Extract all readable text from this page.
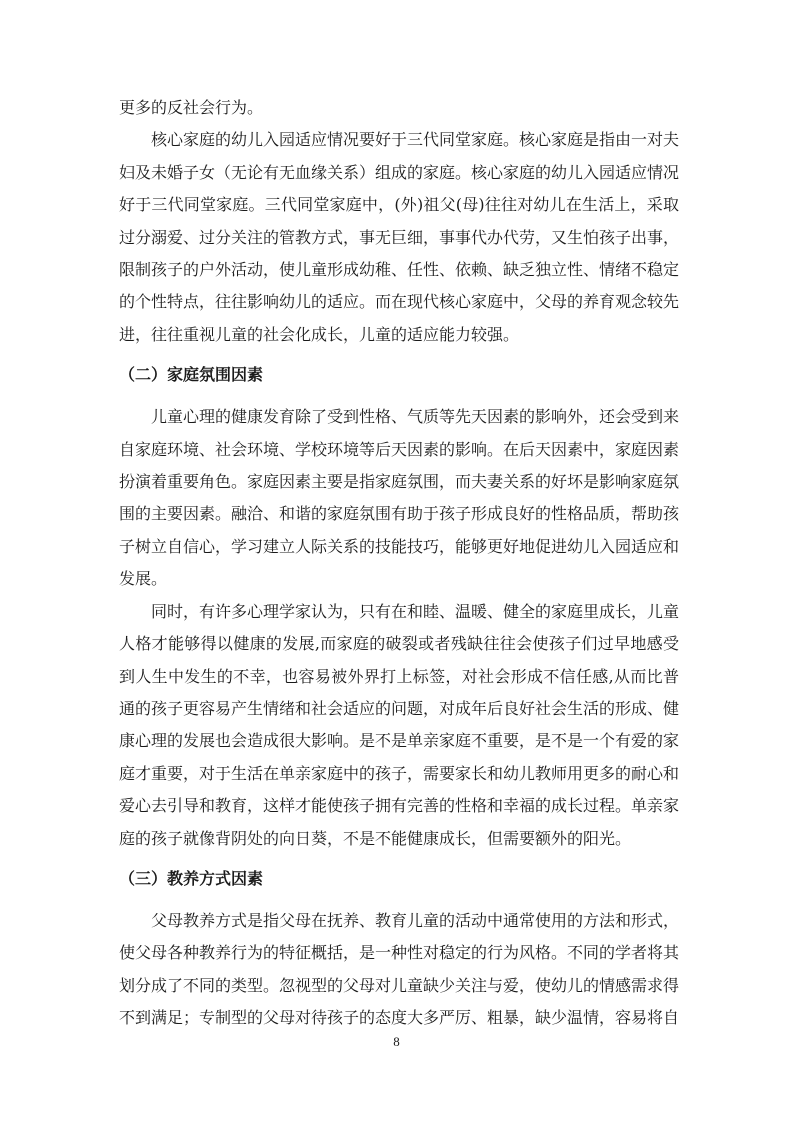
更多的反社会行为。

核心家庭的幼儿入园适应情况要好于三代同堂家庭。核心家庭是指由一对夫妇及未婚子女（无论有无血缘关系）组成的家庭。核心家庭的幼儿入园适应情况好于三代同堂家庭。三代同堂家庭中，(外)祖父(母)往往对幼儿在生活上，采取过分溺爱、过分关注的管教方式，事无巨细，事事代办代劳，又生怕孩子出事，限制孩子的户外活动，使儿童形成幼稚、任性、依赖、缺乏独立性、情绪不稳定的个性特点，往往影响幼儿的适应。而在现代核心家庭中，父母的养育观念较先进，往往重视儿童的社会化成长，儿童的适应能力较强。

（二）家庭氛围因素

儿童心理的健康发育除了受到性格、气质等先天因素的影响外，还会受到来自家庭环境、社会环境、学校环境等后天因素的影响。在后天因素中，家庭因素扮演着重要角色。家庭因素主要是指家庭氛围，而夫妻关系的好坏是影响家庭氛围的主要因素。融洽、和谐的家庭氛围有助于孩子形成良好的性格品质，帮助孩子树立自信心，学习建立人际关系的技能技巧，能够更好地促进幼儿入园适应和发展。

同时，有许多心理学家认为，只有在和睦、温暖、健全的家庭里成长，儿童人格才能够得以健康的发展,而家庭的破裂或者残缺往往会使孩子们过早地感受到人生中发生的不幸，也容易被外界打上标签，对社会形成不信任感,从而比普通的孩子更容易产生情绪和社会适应的问题，对成年后良好社会生活的形成、健康心理的发展也会造成很大影响。是不是单亲家庭不重要，是不是一个有爱的家庭才重要，对于生活在单亲家庭中的孩子，需要家长和幼儿教师用更多的耐心和爱心去引导和教育，这样才能使孩子拥有完善的性格和幸福的成长过程。单亲家庭的孩子就像背阴处的向日葵，不是不能健康成长，但需要额外的阳光。

（三）教养方式因素

父母教养方式是指父母在抚养、教育儿童的活动中通常使用的方法和形式，使父母各种教养行为的特征概括，是一种性对稳定的行为风格。不同的学者将其划分成了不同的类型。忽视型的父母对儿童缺少关注与爱，使幼儿的情感需求得不到满足；专制型的父母对待孩子的态度大多严厉、粗暴，缺少温情，容易将自

8
